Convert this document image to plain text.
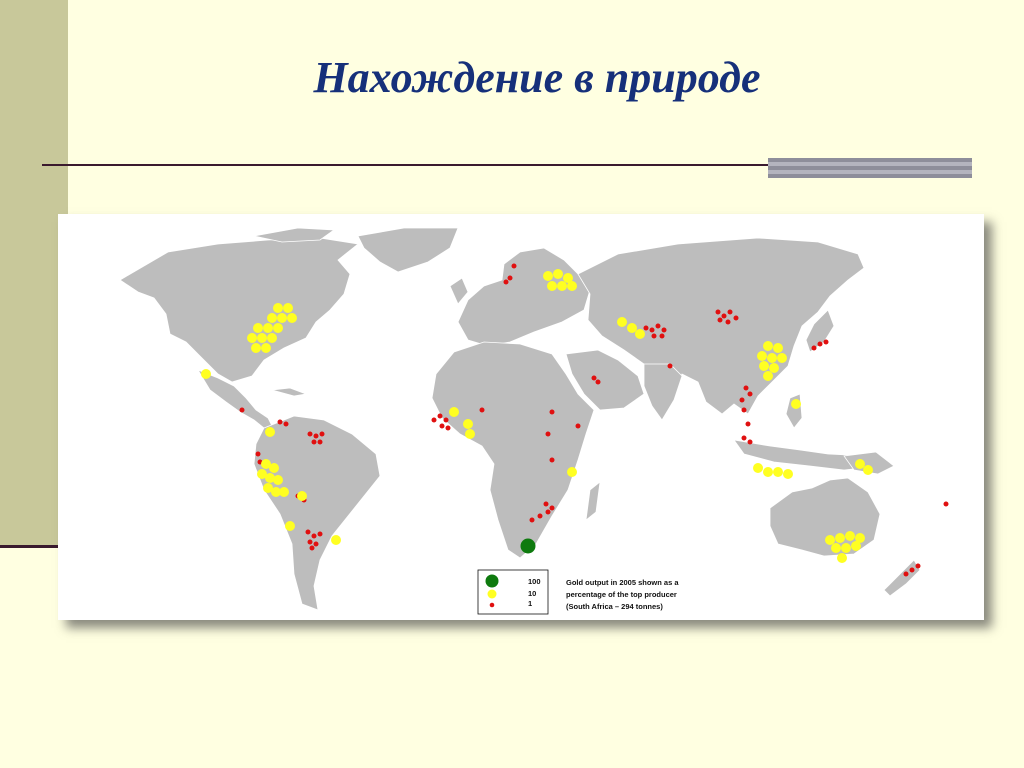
Нахождение в природе
100
10
1
Gold output in 2005 shown as a
percentage of the top producer
(South Africa – 294 tonnes)
